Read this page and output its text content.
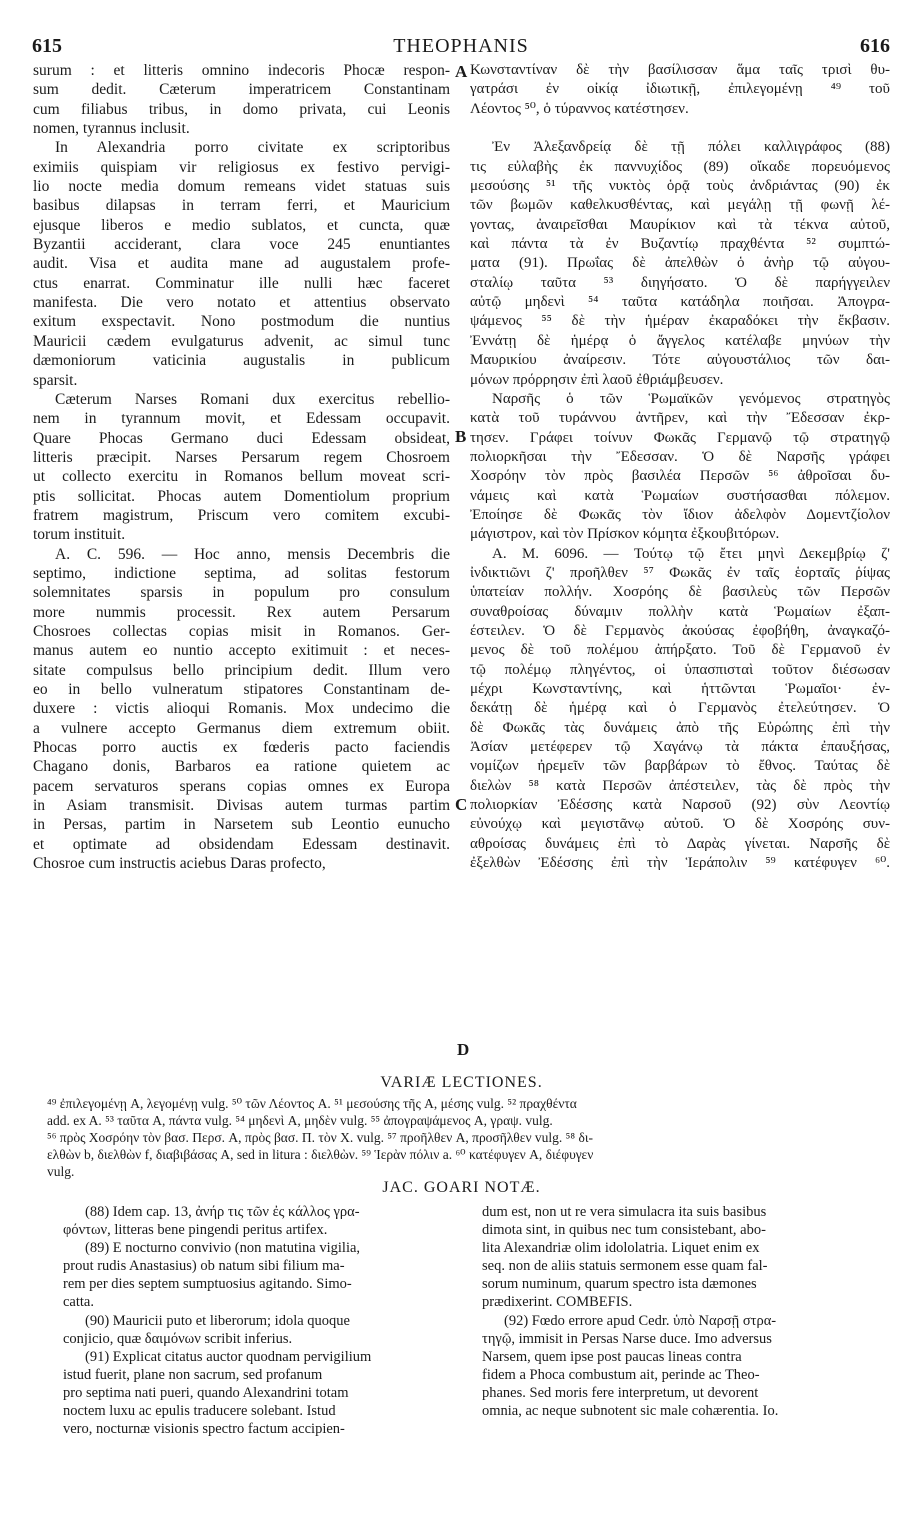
615	THEOPHANIS	616
surum : et litteris omnino indecoris Phocæ respon-
sum dedit. Cæterum imperatricem Constantinam
cum filiabus tribus, in domo privata, cui Leonis
nomen, tyrannus inclusit.
In Alexandria porro civitate ex scriptoribus
eximiis quispiam vir religiosus ex festivo pervigi-
lio nocte media domum remeans videt statuas suis
basibus dilapsas in terram ferri, et Mauricium
ejusque liberos e medio sublatos, et cuncta, quæ
Byzantii acciderant, clara voce 245 enuntiantes
audit. Visa et audita mane ad augustalem profe-
ctus enarrat. Comminatur ille nulli hæc faceret
manifesta. Die vero notato et attentius observato
exitum exspectavit. Nono postmodum die nuntius
Mauricii cædem evulgaturus advenit, ac simul tunc
dæmoniorum vaticinia augustalis in publicum
sparsit.
Cæterum Narses Romani dux exercitus rebellio-
nem in tyrannum movit, et Edessam occupavit.
Quare Phocas Germano duci Edessam obsideat,
litteris præcipit. Narses Persarum regem Chosroem
ut collecto exercitu in Romanos bellum moveat scri-
ptis sollicitat. Phocas autem Domentiolum proprium
fratrem magistrum, Priscum vero comitem excubi-
torum instituit.
A. C. 596. — Hoc anno, mensis Decembris die
septimo, indictione septima, ad solitas festorum
solemnitates sparsis in populum pro consulum
more nummis processit. Rex autem Persarum
Chosroes collectas copias misit in Romanos. Ger-
manus autem eo nuntio accepto exitimuit : et neces-
sitate compulsus bello principium dedit. Illum vero
eo in bello vulneratum stipatores Constantinam de-
duxere : victis alioqui Romanis. Mox undecimo die
a vulnere accepto Germanus diem extremum obiit.
Phocas porro auctis ex fœderis pacto faciendis
Chagano donis, Barbaros ea ratione quietem ac
pacem servaturos sperans copias omnes ex Europa
in Asiam transmisit. Divisas autem turmas partim
in Persas, partim in Narsetem sub Leontio eunucho
et optimate ad obsidendam Edessam destinavit.
Chosroe cum instructis aciebus Daras profecto,
Κωνσταντίναν δὲ τὴν βασίλισσαν ἅμα ταῖς τρισὶ θυ-
γατράσι ἐν οἰκίᾳ ἰδιωτικῇ, ἐπιλεγομένῃ ⁴⁹ τοῦ
Λέοντος ⁵⁰, ὁ τύραννος κατέστησεν.
Ἐν Ἀλεξανδρείᾳ δὲ τῇ πόλει καλλιγράφος (88)
τις εὐλαβὴς ἐκ παννυχίδος (89) οἴκαδε πορευόμενος
μεσούσης ⁵¹ τῆς νυκτὸς ὁρᾷ τοὺς ἀνδριάντας (90) ἐκ
τῶν βωμῶν καθελκυσθέντας, καὶ μεγάλῃ τῇ φωνῇ λέ-
γοντας, ἀναιρεῖσθαι Μαυρίκιον καὶ τὰ τέκνα αὐτοῦ,
καὶ πάντα τὰ ἐν Βυζαντίῳ πραχθέντα ⁵² συμπτώ-
ματα (91). Πρωΐας δὲ ἀπελθὼν ὁ ἀνὴρ τῷ αὐγου-
σταλίῳ ταῦτα ⁵³ διηγήσατο. Ὁ δὲ παρήγγειλεν
αὐτῷ μηδενὶ ⁵⁴ ταῦτα κατάδηλα ποιῆσαι. Ἀπογρα-
ψάμενος ⁵⁵ δὲ τὴν ἡμέραν ἐκαραδόκει τὴν ἔκβασιν.
Ἐννάτῃ δὲ ἡμέρᾳ ὁ ἄγγελος κατέλαβε μηνύων τὴν
Μαυρικίου ἀναίρεσιν. Τότε αὐγουστάλιος τῶν δαι-
μόνων πρόρρησιν ἐπὶ λαοῦ ἐθριάμβευσεν.
Ναρσῆς ὁ τῶν Ῥωμαϊκῶν γενόμενος στρατηγὸς
κατὰ τοῦ τυράννου ἀντῆρεν, καὶ τὴν Ἔδεσσαν ἐκρ-
τησεν. Γράφει τοίνυν Φωκᾶς Γερμανῷ τῷ στρατηγῷ
πολιορκῆσαι τὴν Ἔδεσσαν. Ὁ δὲ Ναρσῆς γράφει
Χοσρόην τὸν πρὸς βασιλέα Περσῶν ⁵⁶ ἀθροῖσαι δυ-
νάμεις καὶ κατὰ Ῥωμαίων συστήσασθαι πόλεμον.
Ἐποίησε δὲ Φωκᾶς τὸν ἴδιον ἀδελφὸν Δομεντζίολον
μάγιστρον, καὶ τὸν Πρίσκον κόμητα ἐξκουβιτόρων.
A. M. 6096. — Τούτῳ τῷ ἔτει μηνὶ Δεκεμβρίῳ ζ'
ἰνδικτιῶνι ζ' προῆλθεν ⁵⁷ Φωκᾶς ἐν ταῖς ἑορταῖς ῥίψας
ὑπατείαν πολλήν. Χοσρόης δὲ βασιλεὺς τῶν Περσῶν
συναθροίσας δύναμιν πολλὴν κατὰ Ῥωμαίων ἐξαπ-
έστειλεν. Ὁ δὲ Γερμανὸς ἀκούσας ἐφοβήθη, ἀναγκαζό-
μενος δὲ τοῦ πολέμου ἀπήρξατο. Τοῦ δὲ Γερμανοῦ ἐν
τῷ πολέμῳ πληγέντος, οἱ ὑπασπισταὶ τοῦτον διέσωσαν
μέχρι Κωνσταντίνης, καὶ ἡττῶνται Ῥωμαῖοι· ἐν-
δεκάτῃ δὲ ἡμέρᾳ καὶ ὁ Γερμανὸς ἐτελεύτησεν. Ὁ
δὲ Φωκᾶς τὰς δυνάμεις ἀπὸ τῆς Εὐρώπης ἐπὶ τὴν
Ἀσίαν μετέφερεν τῷ Χαγάνῳ τὰ πάκτα ἐπαυξήσας,
νομίζων ἠρεμεῖν τῶν βαρβάρων τὸ ἔθνος. Ταύτας δὲ
διελὼν ⁵⁸ κατὰ Περσῶν ἀπέστειλεν, τὰς δὲ πρὸς τὴν
πολιορκίαν Ἐδέσσης κατὰ Ναρσοῦ (92) σὺν Λεοντίῳ
εὐνούχῳ καὶ μεγιστᾶνῳ αὐτοῦ. Ὁ δὲ Χοσρόης συν-
αθροίσας δυνάμεις ἐπὶ τὸ Δαρὰς γίνεται. Ναρσῆς δὲ
ἐξελθὼν Ἐδέσσης ἐπὶ τὴν Ἱεράπολιν ⁵⁹ κατέφυγεν ⁶⁰.
A
B
C
D
VARIÆ LECTIONES.
⁴⁹ ἐπιλεγομένῃ A, λεγομένῃ vulg. ⁵⁰ τῶν Λέοντος A. ⁵¹ μεσούσης τῆς A, μέσης vulg. ⁵² πραχθέντα
add. ex A. ⁵³ ταῦτα A, πάντα vulg. ⁵⁴ μηδενὶ A, μηδὲν vulg. ⁵⁵ ἀπογραψάμενος A, γραψ. vulg.
⁵⁶ πρὸς Χοσρόην τὸν βασ. Περσ. A, πρὸς βασ. Π. τὸν Χ. vulg. ⁵⁷ προῆλθεν A, προσῆλθεν vulg. ⁵⁸ δι-
ελθὼν b, διελθὼν f, διαβιβάσας A, sed in litura : διελθὼν. ⁵⁹ Ἱερὰν πόλιν a. ⁶⁰ κατέφυγεν A, διέφυγεν
vulg.
JAC. GOARI NOTÆ.
(88) Idem cap. 13, ἀνήρ τις τῶν ἐς κάλλος γρα-
φόντων, litteras bene pingendi peritus artifex.
(89) E nocturno convivio (non matutina vigilia,
prout rudis Anastasius) ob natum sibi filium ma-
rem per dies septem sumptuosius agitando. Simo-
catta.
(90) Mauricii puto et liberorum; idola quoque
conjicio, quæ δαιμόνων scribit inferius.
(91) Explicat citatus auctor quodnam pervigilium
istud fuerit, plane non sacrum, sed profanum
pro septima nati pueri, quando Alexandrini totam
noctem luxu ac epulis traducere solebant. Istud
vero, nocturnæ visionis spectro factum accipien-
dum est, non ut re vera simulacra ita suis basibus
dimota sint, in quibus nec tum consistebant, abo-
lita Alexandriæ olim idololatria. Liquet enim ex
seq. non de aliis statuis sermonem esse quam fal-
sorum numinum, quarum spectro ista dæmones
prædixerint. COMBEFIS.
(92) Fœdo errore apud Cedr. ὑπὸ Ναρσῇ στρα-
τηγῷ, immisit in Persas Narse duce. Imo adversus
Narsem, quem ipse post paucas lineas contra
fidem a Phoca combustum ait, perinde ac Theo-
phanes. Sed moris fere interpretum, ut devorent
omnia, ac neque subnotent sic male cohærentia. Io.
